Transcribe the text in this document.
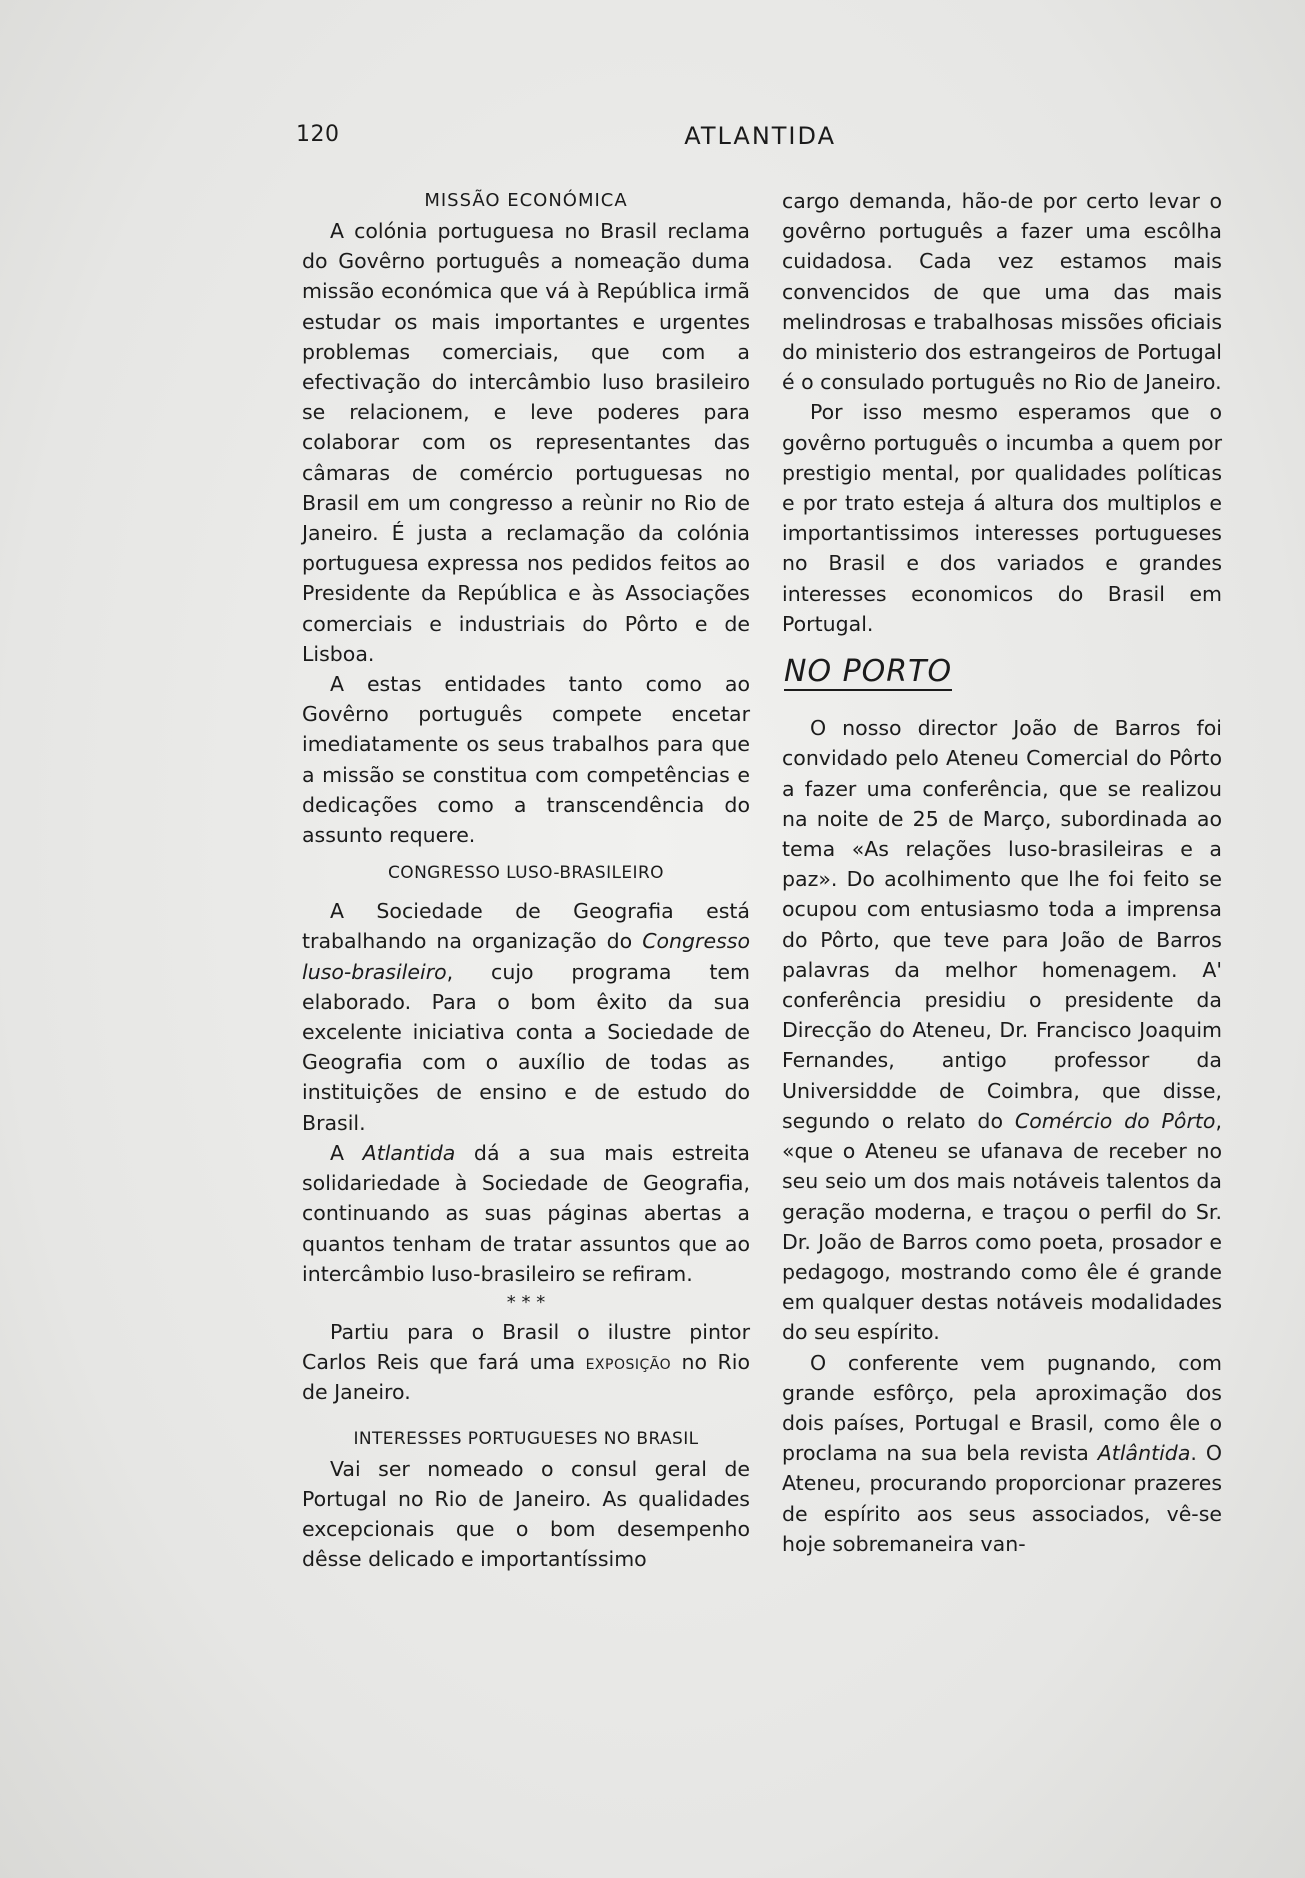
120	ATLANTIDA

MISSÃO ECONÓMICA

A colónia portuguesa no Brasil reclama do Govêrno português a nomeação duma missão económica que vá à República irmã estudar os mais importantes e urgentes problemas comerciais, que com a efectivação do intercâmbio luso brasileiro se relacionem, e leve poderes para colaborar com os representantes das câmaras de comércio portuguesas no Brasil em um congresso a reùnir no Rio de Janeiro. É justa a reclamação da colónia portuguesa expressa nos pedidos feitos ao Presidente da República e às Associações comerciais e industriais do Pôrto e de Lisboa.

A estas entidades tanto como ao Govêrno português compete encetar imediatamente os seus trabalhos para que a missão se constitua com competências e dedicações como a transcendência do assunto requere.

CONGRESSO LUSO-BRASILEIRO

A Sociedade de Geografia está trabalhando na organização do Congresso luso-brasileiro, cujo programa tem elaborado. Para o bom êxito da sua excelente iniciativa conta a Sociedade de Geografia com o auxílio de todas as instituições de ensino e de estudo do Brasil.

A Atlantida dá a sua mais estreita solidariedade à Sociedade de Geografia, continuando as suas páginas abertas a quantos tenham de tratar assuntos que ao intercâmbio luso-brasileiro se refiram.

* * *

Partiu para o Brasil o ilustre pintor Carlos Reis que fará uma exposição no Rio de Janeiro.

INTERESSES PORTUGUESES NO BRASIL

Vai ser nomeado o consul geral de Portugal no Rio de Janeiro. As qualidades excepcionais que o bom desempenho dêsse delicado e importantíssimo

cargo demanda, hão-de por certo levar o govêrno português a fazer uma escôlha cuidadosa. Cada vez estamos mais convencidos de que uma das mais melindrosas e trabalhosas missões oficiais do ministerio dos estrangeiros de Portugal é o consulado português no Rio de Janeiro.

Por isso mesmo esperamos que o govêrno português o incumba a quem por prestigio mental, por qualidades políticas e por trato esteja á altura dos multiplos e importantissimos interesses portugueses no Brasil e dos variados e grandes interesses economicos do Brasil em Portugal.

NO PORTO

O nosso director João de Barros foi convidado pelo Ateneu Comercial do Pôrto a fazer uma conferência, que se realizou na noite de 25 de Março, subordinada ao tema «As relações luso-brasileiras e a paz». Do acolhimento que lhe foi feito se ocupou com entusiasmo toda a imprensa do Pôrto, que teve para João de Barros palavras da melhor homenagem. A' conferência presidiu o presidente da Direcção do Ateneu, Dr. Francisco Joaquim Fernandes, antigo professor da Universiddde de Coimbra, que disse, segundo o relato do Comércio do Pôrto, «que o Ateneu se ufanava de receber no seu seio um dos mais notáveis talentos da geração moderna, e traçou o perfil do Sr. Dr. João de Barros como poeta, prosador e pedagogo, mostrando como êle é grande em qualquer destas notáveis modalidades do seu espírito.

O conferente vem pugnando, com grande esfôrço, pela aproximação dos dois países, Portugal e Brasil, como êle o proclama na sua bela revista Atlântida. O Ateneu, procurando proporcionar prazeres de espírito aos seus associados, vê-se hoje sobremaneira van-
